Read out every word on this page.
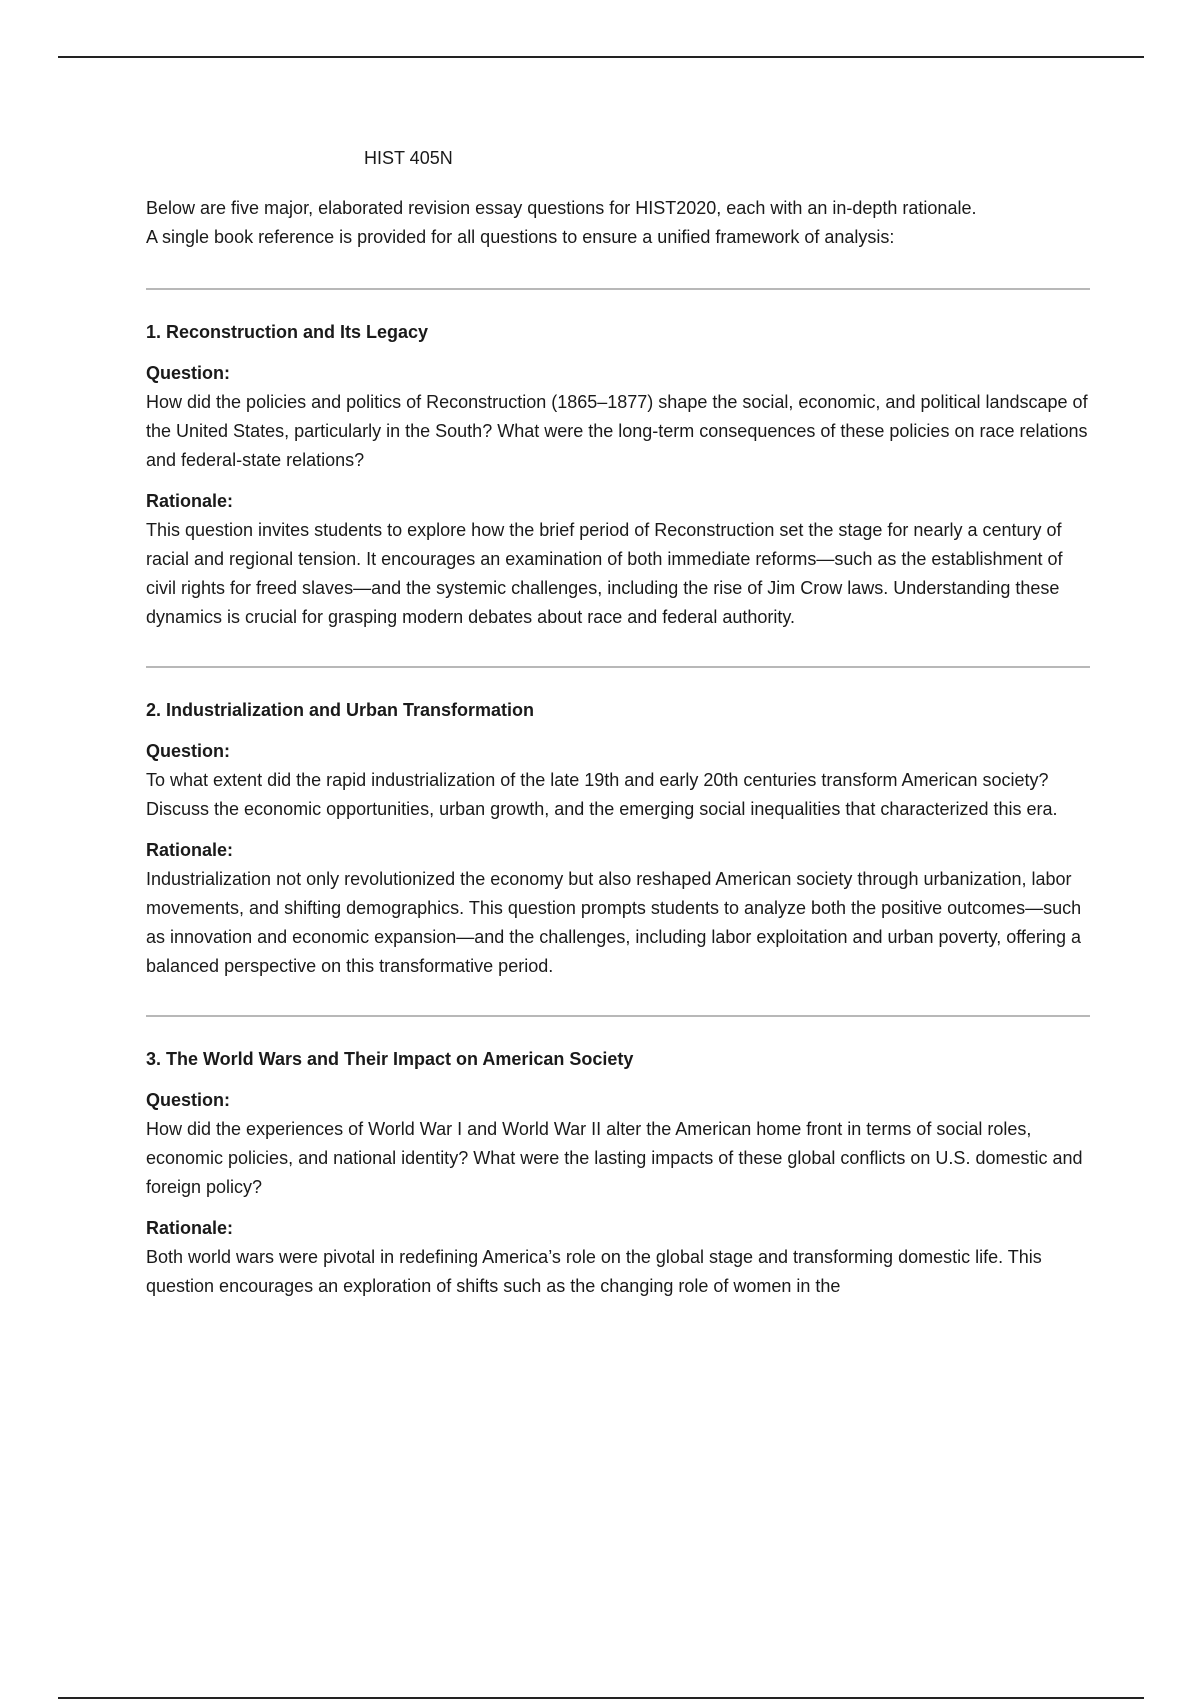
HIST 405N

Below are five major, elaborated revision essay questions for HIST2020, each with an in-depth rationale.

A single book reference is provided for all questions to ensure a unified framework of analysis:

1. Reconstruction and Its Legacy

Question:

How did the policies and politics of Reconstruction (1865–1877) shape the social, economic, and political landscape of the United States, particularly in the South? What were the long-term consequences of these policies on race relations and federal-state relations?

Rationale:

This question invites students to explore how the brief period of Reconstruction set the stage for nearly a century of racial and regional tension. It encourages an examination of both immediate reforms—such as the establishment of civil rights for freed slaves—and the systemic challenges, including the rise of Jim Crow laws. Understanding these dynamics is crucial for grasping modern debates about race and federal authority.

2. Industrialization and Urban Transformation

Question:

To what extent did the rapid industrialization of the late 19th and early 20th centuries transform American society? Discuss the economic opportunities, urban growth, and the emerging social inequalities that characterized this era.

Rationale:

Industrialization not only revolutionized the economy but also reshaped American society through urbanization, labor movements, and shifting demographics. This question prompts students to analyze both the positive outcomes—such as innovation and economic expansion—and the challenges, including labor exploitation and urban poverty, offering a balanced perspective on this transformative period.

3. The World Wars and Their Impact on American Society

Question:

How did the experiences of World War I and World War II alter the American home front in terms of social roles, economic policies, and national identity? What were the lasting impacts of these global conflicts on U.S. domestic and foreign policy?

Rationale:

Both world wars were pivotal in redefining America’s role on the global stage and transforming domestic life. This question encourages an exploration of shifts such as the changing role of women in the
